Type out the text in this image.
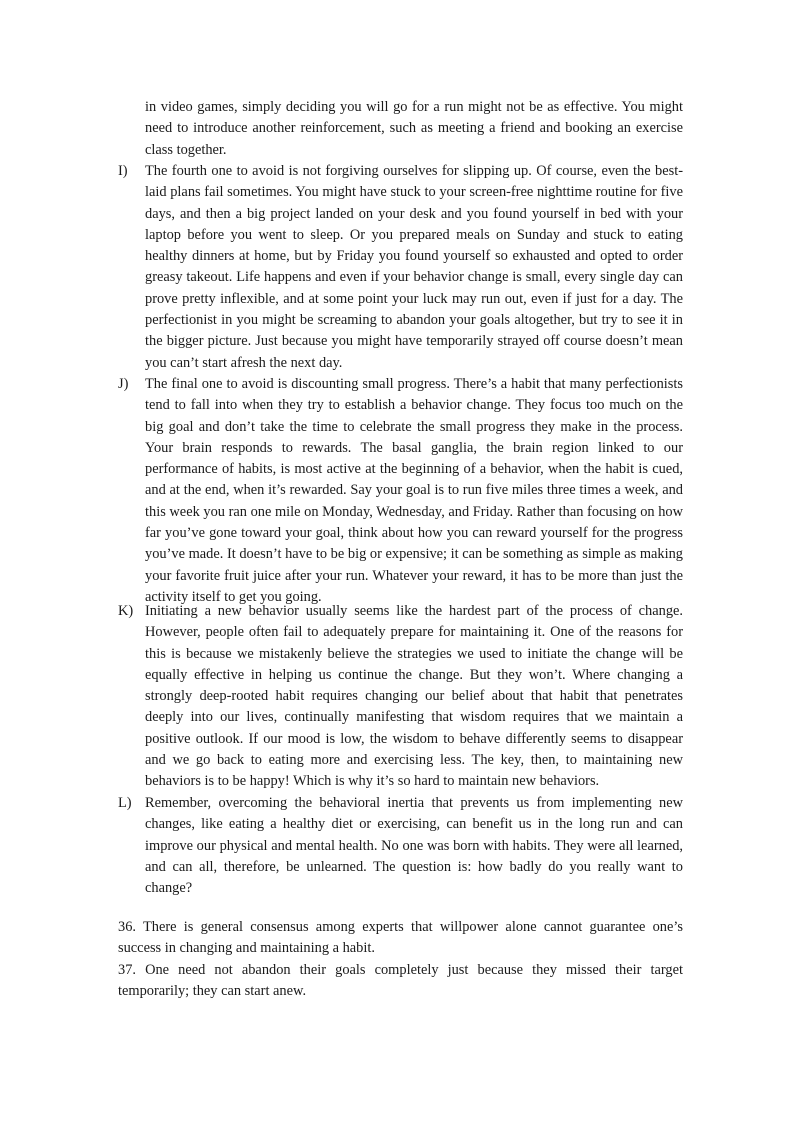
in video games, simply deciding you will go for a run might not be as effective. You might need to introduce another reinforcement, such as meeting a friend and booking an exercise class together.

I)	The fourth one to avoid is not forgiving ourselves for slipping up. Of course, even the best-laid plans fail sometimes. You might have stuck to your screen-free nighttime routine for five days, and then a big project landed on your desk and you found yourself in bed with your laptop before you went to sleep. Or you prepared meals on Sunday and stuck to eating healthy dinners at home, but by Friday you found yourself so exhausted and opted to order greasy takeout. Life happens and even if your behavior change is small, every single day can prove pretty inflexible, and at some point your luck may run out, even if just for a day. The perfectionist in you might be screaming to abandon your goals altogether, but try to see it in the bigger picture. Just because you might have temporarily strayed off course doesn’t mean you can’t start afresh the next day.
J)	The final one to avoid is discounting small progress. There’s a habit that many perfectionists tend to fall into when they try to establish a behavior change. They focus too much on the big goal and don’t take the time to celebrate the small progress they make in the process. Your brain responds to rewards. The basal ganglia, the brain region linked to our performance of habits, is most active at the beginning of a behavior, when the habit is cued, and at the end, when it’s rewarded. Say your goal is to run five miles three times a week, and this week you ran one mile on Monday, Wednesday, and Friday. Rather than focusing on how far you’ve gone toward your goal, think about how you can reward yourself for the progress you’ve made. It doesn’t have to be big or expensive; it can be something as simple as making your favorite fruit juice after your run. Whatever your reward, it has to be more than just the activity itself to get you going.
K) Initiating a new behavior usually seems like the hardest part of the process of change. However, people often fail to adequately prepare for maintaining it. One of the reasons for this is because we mistakenly believe the strategies we used to initiate the change will be equally effective in helping us continue the change. But they won’t. Where changing a strongly deep-rooted habit requires changing our belief about that habit that penetrates deeply into our lives, continually manifesting that wisdom requires that we maintain a positive outlook. If our mood is low, the wisdom to behave differently seems to disappear and we go back to eating more and exercising less. The key, then, to maintaining new behaviors is to be happy! Which is why it’s so hard to maintain new behaviors.
L) Remember, overcoming the behavioral inertia that prevents us from implementing new changes, like eating a healthy diet or exercising, can benefit us in the long run and can improve our physical and mental health. No one was born with habits. They were all learned, and can all, therefore, be unlearned. The question is: how badly do you really want to change?

36. There is general consensus among experts that willpower alone cannot guarantee one’s success in changing and maintaining a habit.

37. One need not abandon their goals completely just because they missed their target temporarily; they can start anew.
